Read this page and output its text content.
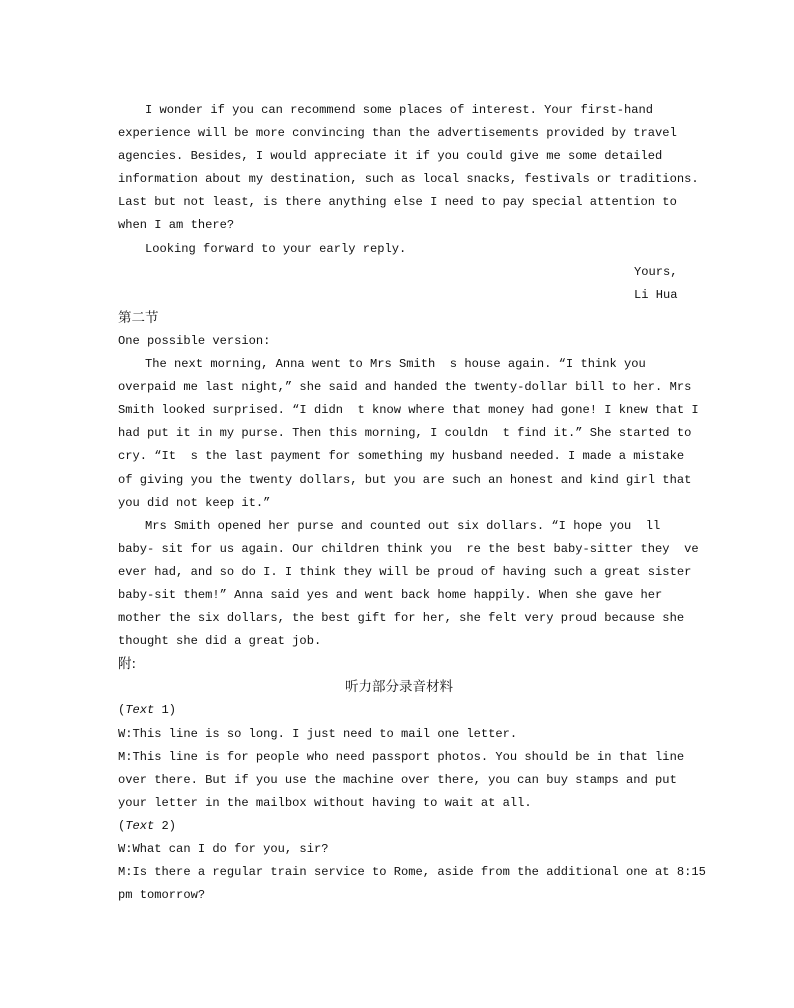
I wonder if you can recommend some places of interest. Your first-hand
experience will be more convincing than the advertisements provided by travel
agencies. Besides, I would appreciate it if you could give me some detailed
information about my destination, such as local snacks, festivals or traditions.
Last but not least, is there anything else I need to pay special attention to
when I am there?
Looking forward to your early reply.
Yours,
Li Hua
第二节
One possible version:
The next morning, Anna went to Mrs Smith  s house again. “I think you
overpaid me last night,” she said and handed the twenty-dollar bill to her. Mrs
Smith looked surprised. “I didn  t know where that money had gone! I knew that I
had put it in my purse. Then this morning, I couldn  t find it.” She started to
cry. “It  s the last payment for something my husband needed. I made a mistake
of giving you the twenty dollars, but you are such an honest and kind girl that
you did not keep it.”
Mrs Smith opened her purse and counted out six dollars. “I hope you  ll
baby- sit for us again. Our children think you  re the best baby-sitter they  ve
ever had, and so do I. I think they will be proud of having such a great sister
baby-sit them!” Anna said yes and went back home happily. When she gave her
mother the six dollars, the best gift for her, she felt very proud because she
thought she did a great job.
附:
听力部分录音材料
(Text 1)
W:This line is so long. I just need to mail one letter.
M:This line is for people who need passport photos. You should be in that line
over there. But if you use the machine over there, you can buy stamps and put
your letter in the mailbox without having to wait at all.
(Text 2)
W:What can I do for you, sir?
M:Is there a regular train service to Rome, aside from the additional one at 8:15
pm tomorrow?
